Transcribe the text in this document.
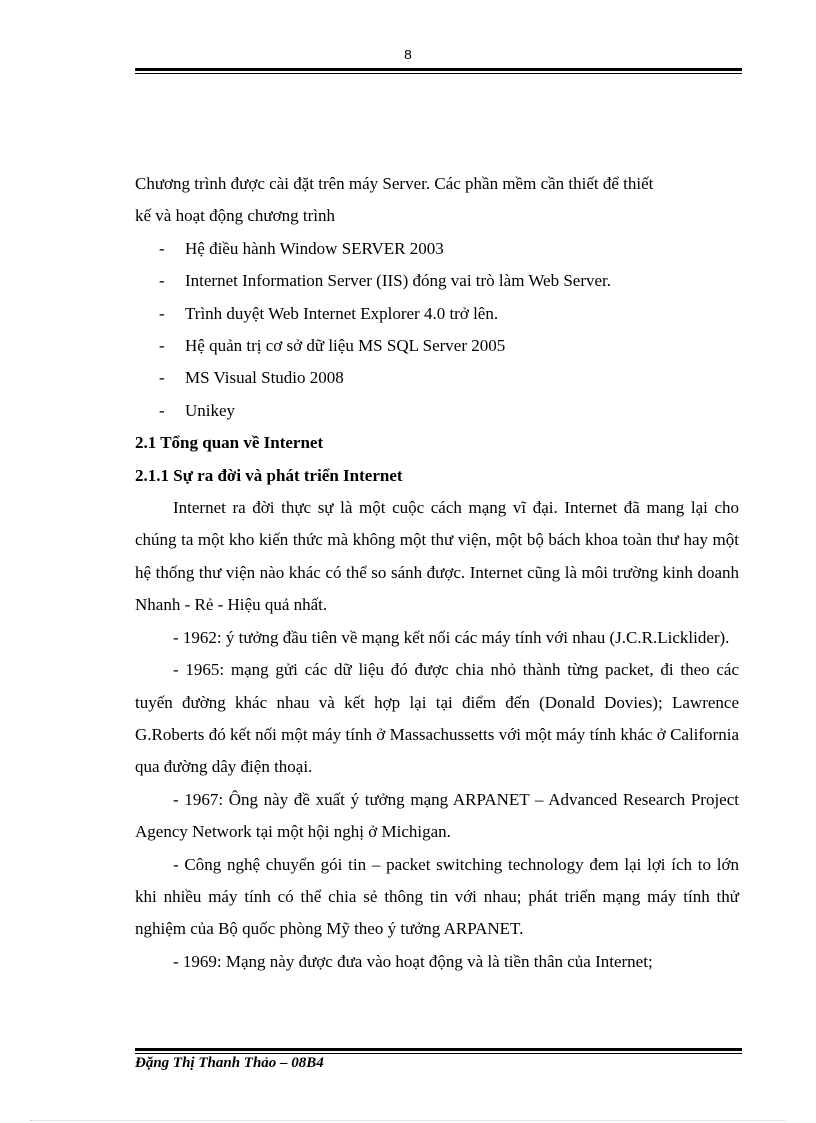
8

Chương trình được cài đặt trên máy Server. Các phần mềm cần thiết để thiết

kế và hoạt động chương trình

- Hệ điều hành Window SERVER 2003
- Internet Information Server (IIS) đóng vai trò làm Web Server.
- Trình duyệt Web Internet Explorer 4.0 trở lên.
- Hệ quản trị cơ sở dữ liệu MS SQL Server 2005
- MS Visual Studio 2008
- Unikey

2.1 Tổng quan về Internet

2.1.1 Sự ra đời và phát triển Internet

Internet ra đời thực sự là một cuộc cách mạng vĩ đại. Internet đã mang lại cho chúng ta một kho kiến thức mà không một thư viện, một bộ bách khoa toàn thư hay một hệ thống thư viện nào khác có thể so sánh được. Internet cũng là môi trường kinh doanh Nhanh - Rẻ - Hiệu quả nhất.

- 1962: ý tưởng đầu tiên về mạng kết nối các máy tính với nhau (J.C.R.Licklider).

- 1965: mạng gửi các dữ liệu đó được chia nhỏ thành từng packet, đi theo các tuyến đường khác nhau và kết hợp lại tại điểm đến (Donald Dovies); Lawrence G.Roberts đó kết nối một máy tính ở Massachussetts với một máy tính khác ở California qua đường dây điện thoại.

- 1967: Ông này đề xuất ý tưởng mạng ARPANET – Advanced Research Project Agency Network tại một hội nghị ở Michigan.

- Công nghệ chuyển gói tin – packet switching technology đem lại lợi ích to lớn khi nhiều máy tính có thể chia sẻ thông tin với nhau; phát triển mạng máy tính thử nghiệm của Bộ quốc phòng Mỹ theo ý tưởng ARPANET.

- 1969: Mạng này được đưa vào hoạt động và là tiền thân của Internet;

Đặng Thị Thanh Thảo – 08B4
